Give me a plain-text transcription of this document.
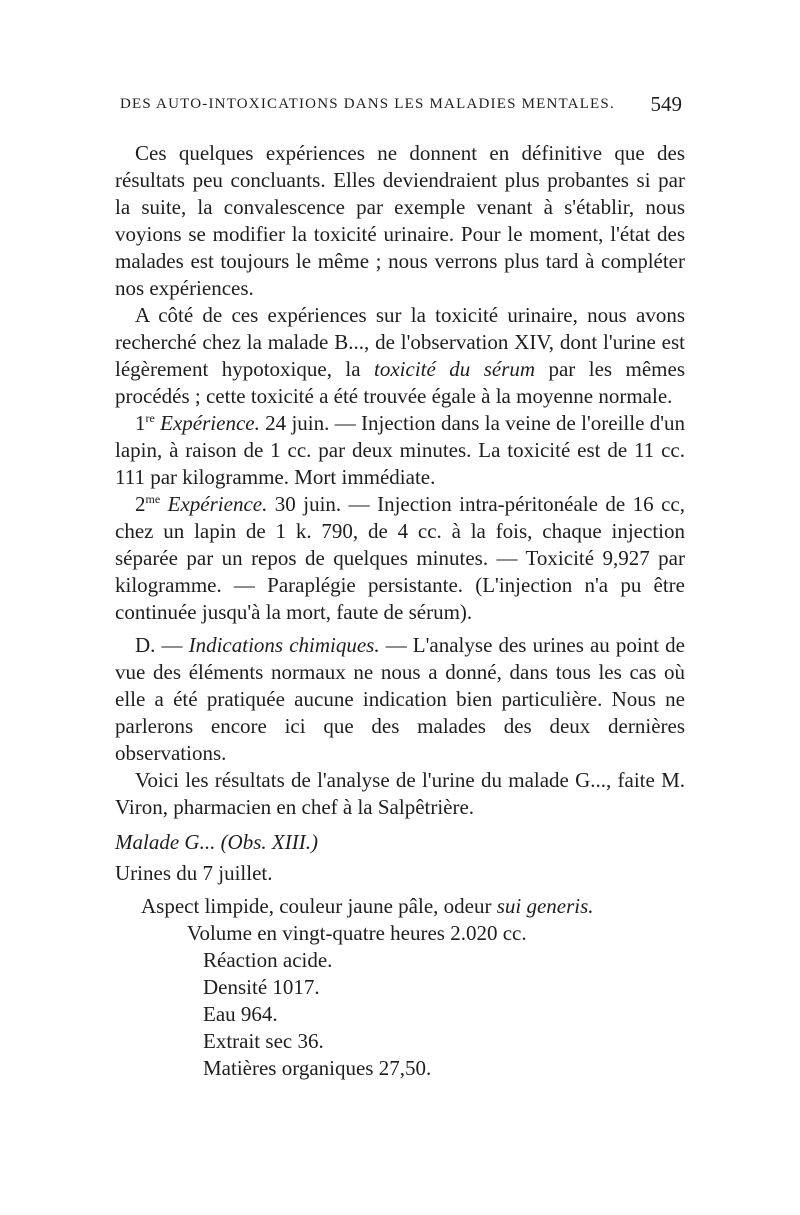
DES AUTO-INTOXICATIONS DANS LES MALADIES MENTALES. 549

Ces quelques expériences ne donnent en définitive que des résultats peu concluants. Elles deviendraient plus probantes si par la suite, la convalescence par exemple venant à s'établir, nous voyions se modifier la toxicité urinaire. Pour le moment, l'état des malades est toujours le même ; nous verrons plus tard à compléter nos expériences.

A côté de ces expériences sur la toxicité urinaire, nous avons recherché chez la malade B..., de l'observation XIV, dont l'urine est légèrement hypotoxique, la toxicité du sérum par les mêmes procédés ; cette toxicité a été trouvée égale à la moyenne normale.

1re Expérience. 24 juin. — Injection dans la veine de l'oreille d'un lapin, à raison de 1 cc. par deux minutes. La toxicité est de 11 cc. 111 par kilogramme. Mort immédiate.

$2^{me}$ Expérience. 30 juin. — Injection intra-péritonéale de 16 cc, chez un lapin de 1 k. 790, de 4 cc. à la fois, chaque injection séparée par un repos de quelques minutes. — Toxicité 9,927 par kilogramme. — Paraplégie persistante. (L'injection n'a pu être continuée jusqu'à la mort, faute de sérum).

D. — Indications chimiques. — L'analyse des urines au point de vue des éléments normaux ne nous a donné, dans tous les cas où elle a été pratiquée aucune indication bien particulière. Nous ne parlerons encore ici que des malades des deux dernières observations.

Voici les résultats de l'analyse de l'urine du malade G..., faite M. Viron, pharmacien en chef à la Salpêtrière.

Malade G... (Obs. XIII.)

Urines du 7 juillet.

Aspect limpide, couleur jaune pâle, odeur sui generis.

Volume en vingt-quatre heures 2.020 cc.

Réaction acide.

Densité 1017.

Eau 964.

Extrait sec 36.

Matières organiques 27,50.
